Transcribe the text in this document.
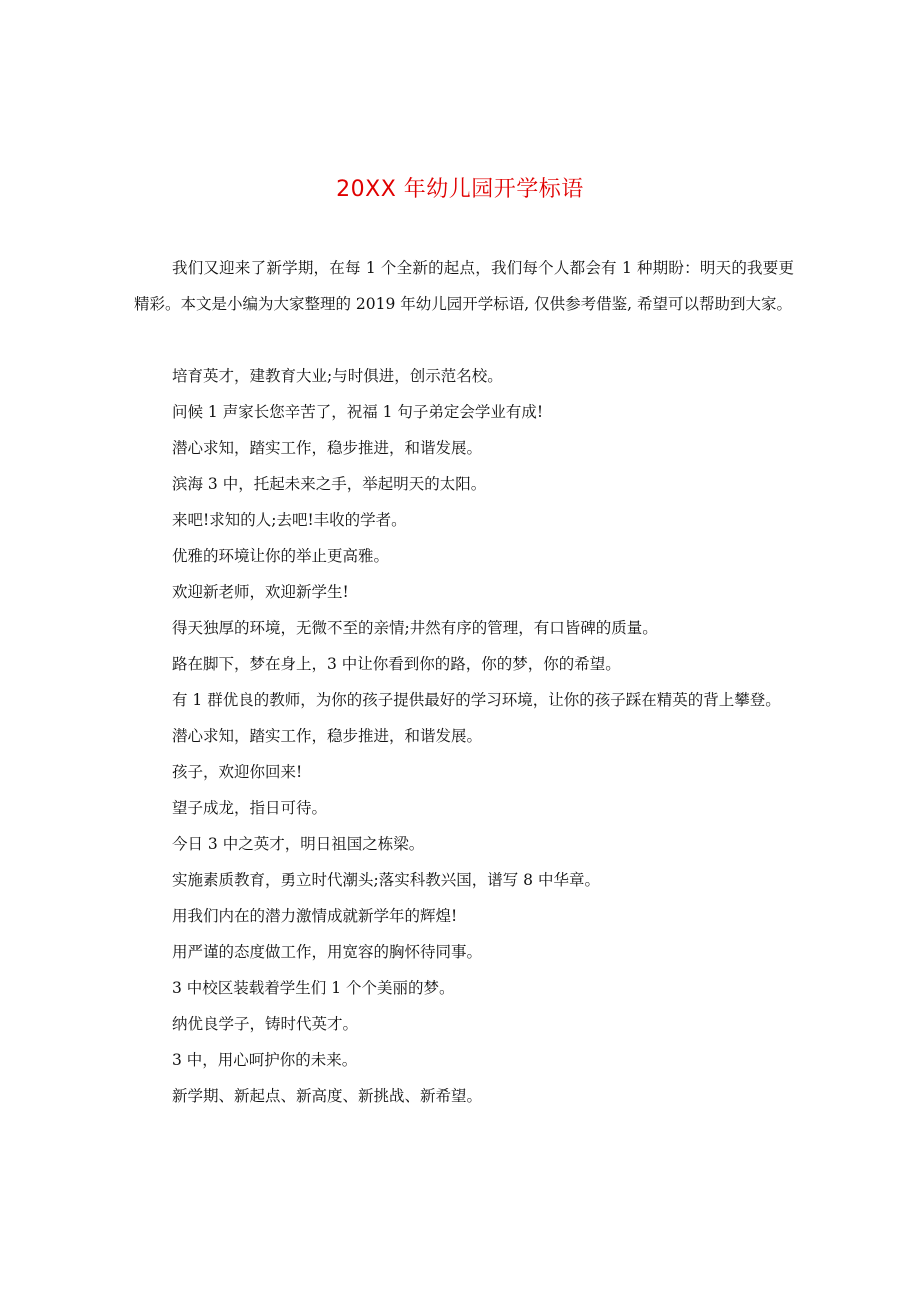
20XX 年幼儿园开学标语

我们又迎来了新学期，在每 1 个全新的起点，我们每个人都会有 1 种期盼：明天的我要更精彩。本文是小编为大家整理的 2019 年幼儿园开学标语, 仅供参考借鉴, 希望可以帮助到大家。

培育英才，建教育大业;与时俱进，创示范名校。
问候 1 声家长您辛苦了，祝福 1 句子弟定会学业有成!
潜心求知，踏实工作，稳步推进，和谐发展。
滨海 3 中，托起未来之手，举起明天的太阳。
来吧!求知的人;去吧!丰收的学者。
优雅的环境让你的举止更高雅。
欢迎新老师，欢迎新学生!
得天独厚的环境，无微不至的亲情;井然有序的管理，有口皆碑的质量。
路在脚下，梦在身上，3 中让你看到你的路，你的梦，你的希望。
有 1 群优良的教师，为你的孩子提供最好的学习环境，让你的孩子踩在精英的背上攀登。
潜心求知，踏实工作，稳步推进，和谐发展。
孩子，欢迎你回来!
望子成龙，指日可待。
今日 3 中之英才，明日祖国之栋梁。
实施素质教育，勇立时代潮头;落实科教兴国，谱写 8 中华章。
用我们内在的潜力激情成就新学年的辉煌!
用严谨的态度做工作，用宽容的胸怀待同事。
3 中校区装载着学生们 1 个个美丽的梦。
纳优良学子，铸时代英才。
3 中，用心呵护你的未来。
新学期、新起点、新高度、新挑战、新希望。
